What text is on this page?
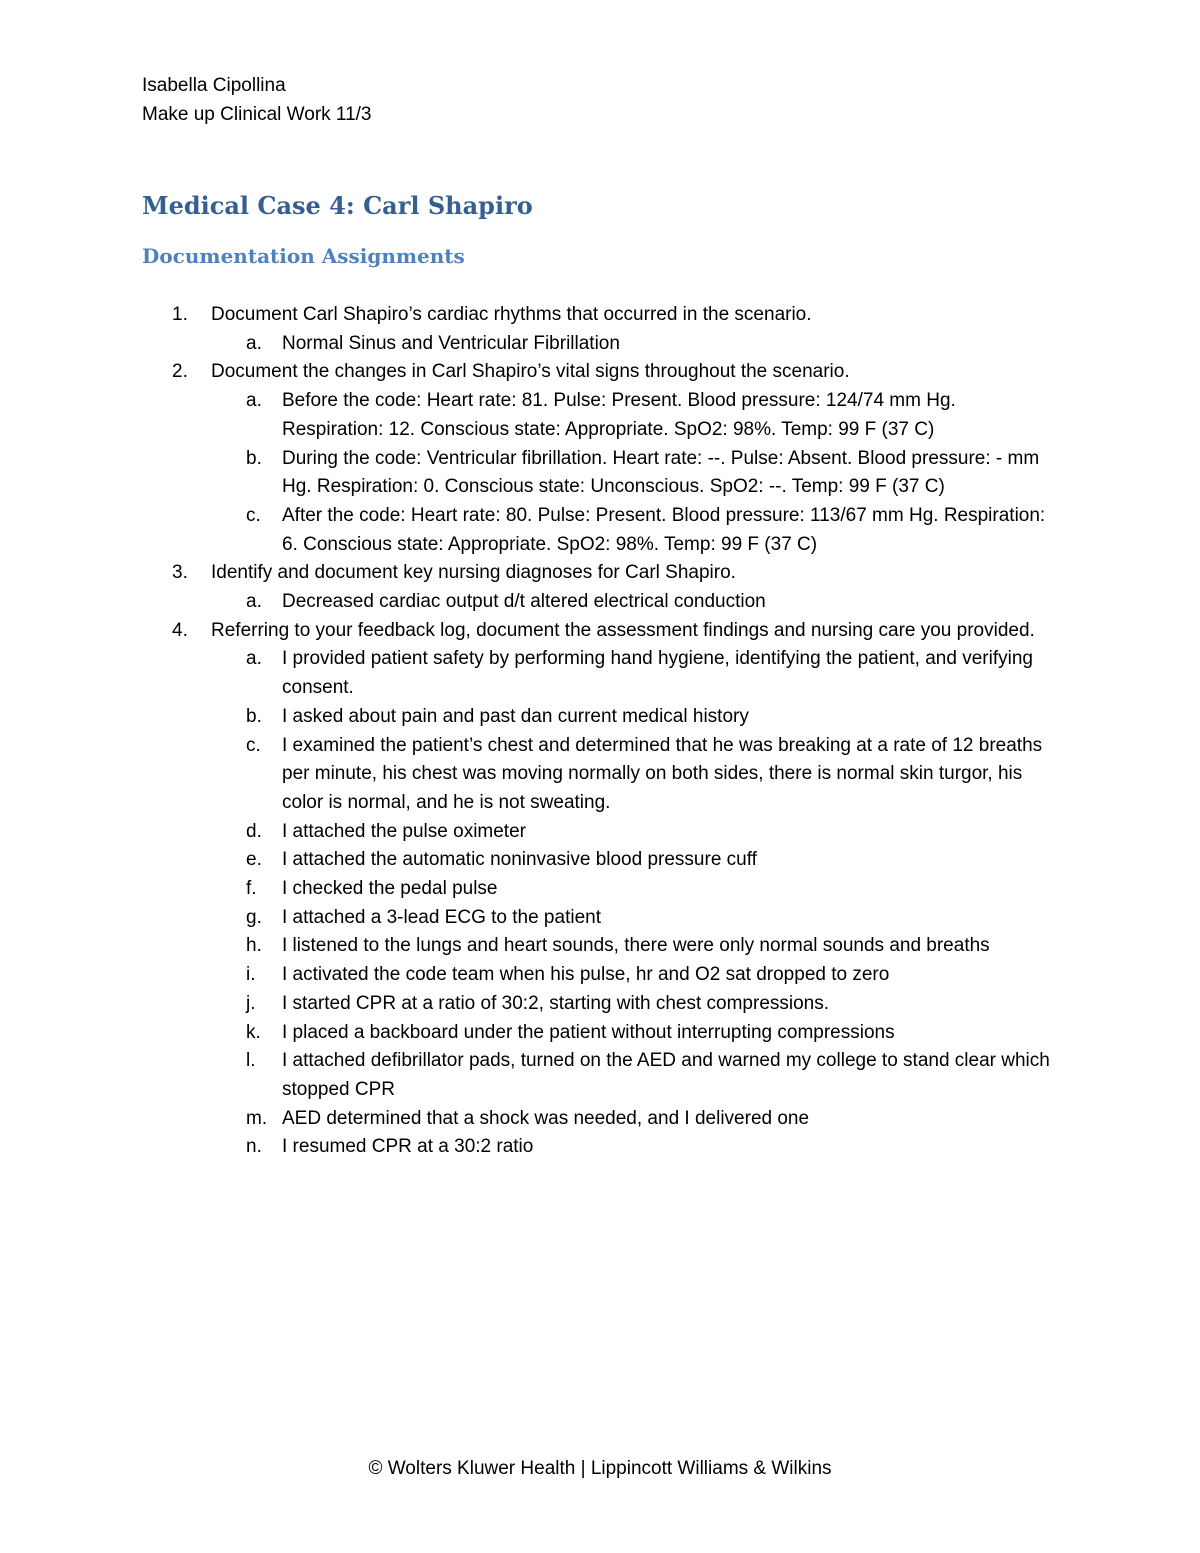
Isabella Cipollina
Make up Clinical Work 11/3
Medical Case 4: Carl Shapiro
Documentation Assignments
1.	Document Carl Shapiro’s cardiac rhythms that occurred in the scenario.
a.	Normal Sinus and Ventricular Fibrillation
2.	Document the changes in Carl Shapiro’s vital signs throughout the scenario.
a.	Before the code: Heart rate: 81. Pulse: Present. Blood pressure: 124/74 mm Hg. Respiration: 12. Conscious state: Appropriate. SpO2: 98%. Temp: 99 F (37 C)
b.	During the code: Ventricular fibrillation. Heart rate: --. Pulse: Absent. Blood pressure: - mm Hg. Respiration: 0. Conscious state: Unconscious. SpO2: --. Temp: 99 F (37 C)
c.	After the code: Heart rate: 80. Pulse: Present. Blood pressure: 113/67 mm Hg. Respiration: 6. Conscious state: Appropriate. SpO2: 98%. Temp: 99 F (37 C)
3.	Identify and document key nursing diagnoses for Carl Shapiro.
a.	Decreased cardiac output d/t altered electrical conduction
4.	Referring to your feedback log, document the assessment findings and nursing care you provided.
a.	I provided patient safety by performing hand hygiene, identifying the patient, and verifying consent.
b.	I asked about pain and past dan current medical history
c.	I examined the patient’s chest and determined that he was breaking at a rate of 12 breaths per minute, his chest was moving normally on both sides, there is normal skin turgor, his color is normal, and he is not sweating.
d.	I attached the pulse oximeter
e.	I attached the automatic noninvasive blood pressure cuff
f.	I checked the pedal pulse
g.	I attached a 3-lead ECG to the patient
h.	I listened to the lungs and heart sounds, there were only normal sounds and breaths
i.	I activated the code team when his pulse, hr and O2 sat dropped to zero
j.	I started CPR at a ratio of 30:2, starting with chest compressions.
k.	I placed a backboard under the patient without interrupting compressions
l.	I attached defibrillator pads, turned on the AED and warned my college to stand clear which stopped CPR
m. AED determined that a shock was needed, and I delivered one
n.	I resumed CPR at a 30:2 ratio
© Wolters Kluwer Health | Lippincott Williams & Wilkins
